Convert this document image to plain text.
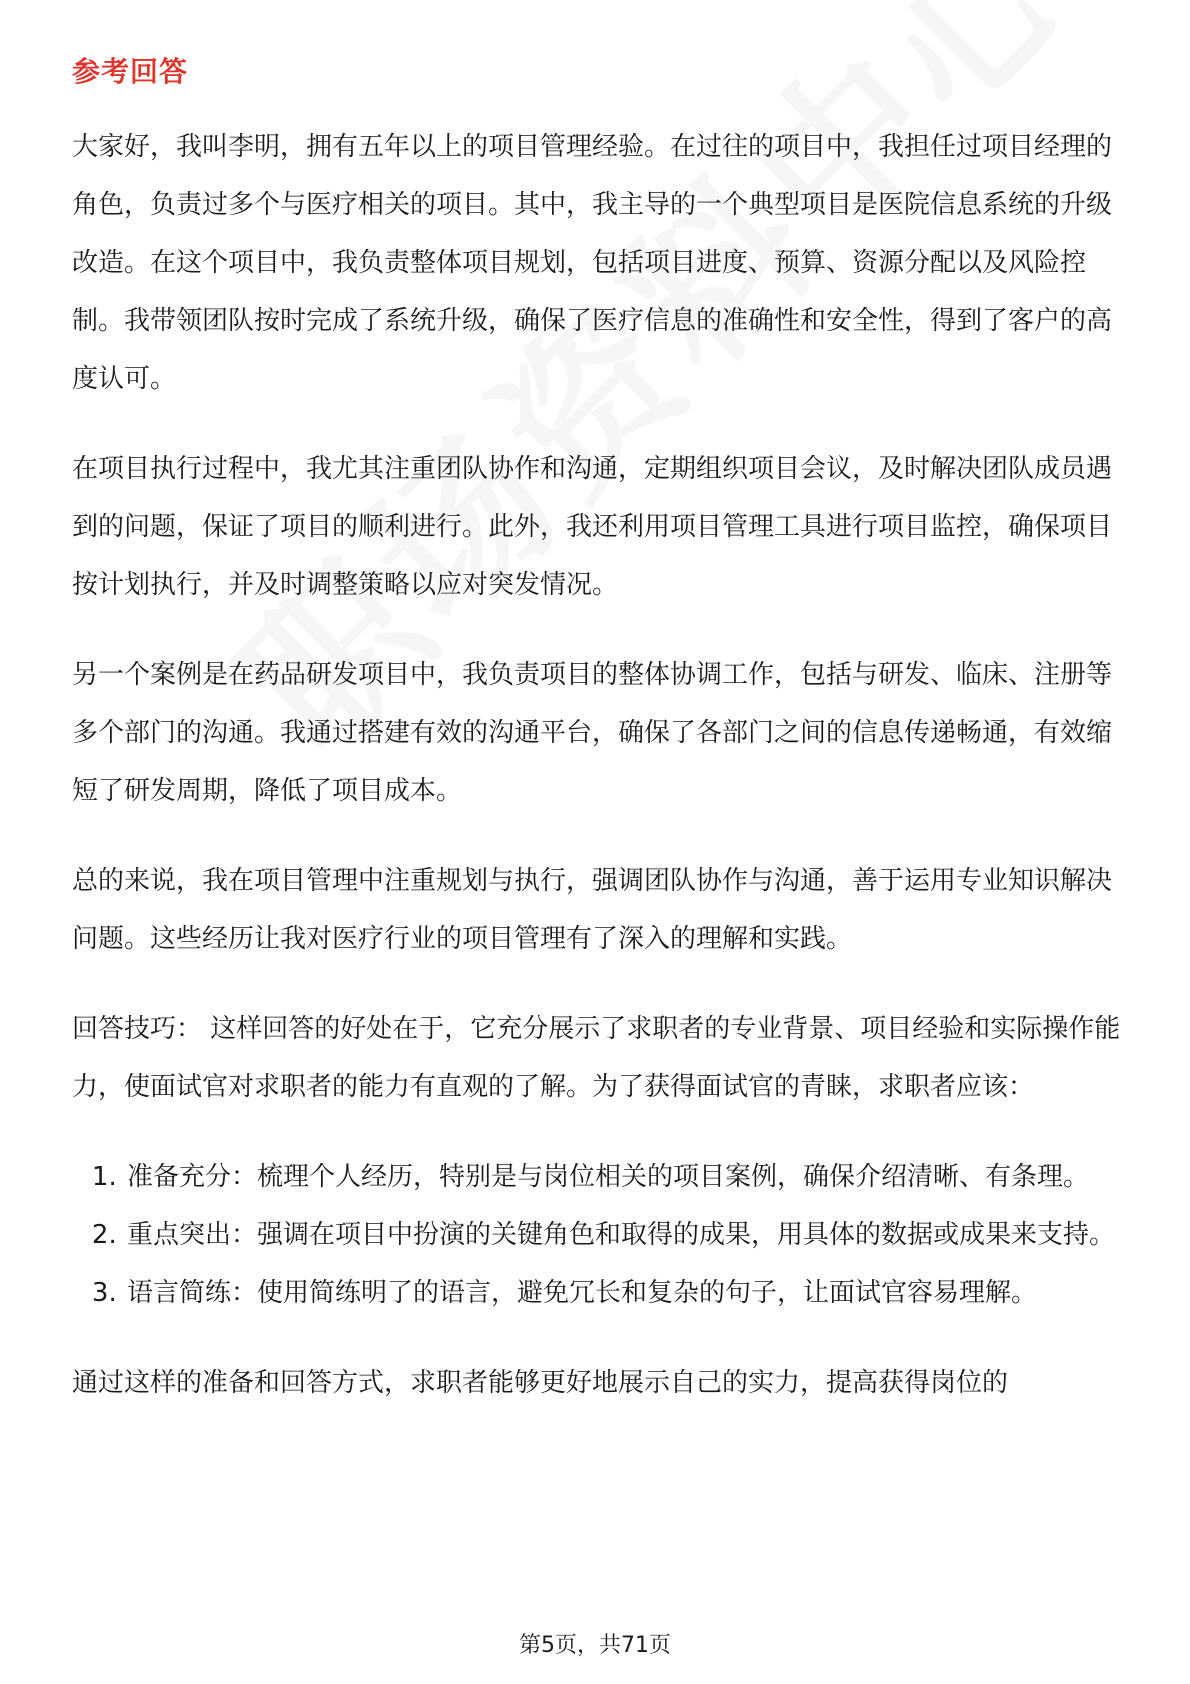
参考回答

大家好，我叫李明，拥有五年以上的项目管理经验。在过往的项目中，我担任过项目经理的角色，负责过多个与医疗相关的项目。其中，我主导的一个典型项目是医院信息系统的升级改造。在这个项目中，我负责整体项目规划，包括项目进度、预算、资源分配以及风险控制。我带领团队按时完成了系统升级，确保了医疗信息的准确性和安全性，得到了客户的高度认可。

在项目执行过程中，我尤其注重团队协作和沟通，定期组织项目会议，及时解决团队成员遇到的问题，保证了项目的顺利进行。此外，我还利用项目管理工具进行项目监控，确保项目按计划执行，并及时调整策略以应对突发情况。

另一个案例是在药品研发项目中，我负责项目的整体协调工作，包括与研发、临床、注册等多个部门的沟通。我通过搭建有效的沟通平台，确保了各部门之间的信息传递畅通，有效缩短了研发周期，降低了项目成本。

总的来说，我在项目管理中注重规划与执行，强调团队协作与沟通，善于运用专业知识解决问题。这些经历让我对医疗行业的项目管理有了深入的理解和实践。

回答技巧： 这样回答的好处在于，它充分展示了求职者的专业背景、项目经验和实际操作能力，使面试官对求职者的能力有直观的了解。为了获得面试官的青睐，求职者应该：

1. 准备充分：梳理个人经历，特别是与岗位相关的项目案例，确保介绍清晰、有条理。
2. 重点突出：强调在项目中扮演的关键角色和取得的成果，用具体的数据或成果来支持。
3. 语言简练：使用简练明了的语言，避免冗长和复杂的句子，让面试官容易理解。

通过这样的准备和回答方式，求职者能够更好地展示自己的实力，提高获得岗位的

第5页，共71页
